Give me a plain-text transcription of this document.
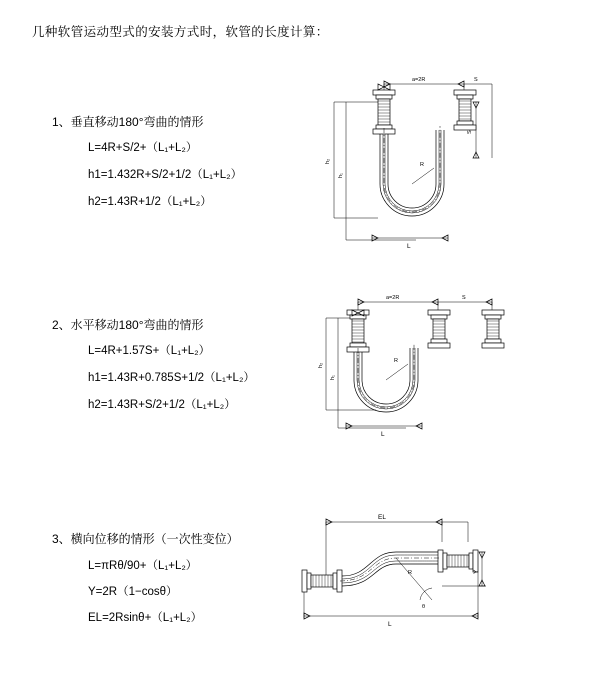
几种软管运动型式的安装方式时，软管的长度计算：
1、垂直移动180°弯曲的情形
L=4R+S/2+（L₁+L₂）
h1=1.432R+S/2+1/2（L₁+L₂）
h2=1.43R+1/2（L₁+L₂）
a=2R	S
h₂
h₁
S
R
L
2、水平移动180°弯曲的情形
L=4R+1.57S+（L₁+L₂）
h1=1.43R+0.785S+1/2（L₁+L₂）
h2=1.43R+S/2+1/2（L₁+L₂）
a=2R	S
h₂
h₁
R
L
3、横向位移的情形（一次性变位）
L=πRθ/90+（L₁+L₂）
Y=2R（1−cosθ）
EL=2Rsinθ+（L₁+L₂）
EL
R
θ
Y
L
